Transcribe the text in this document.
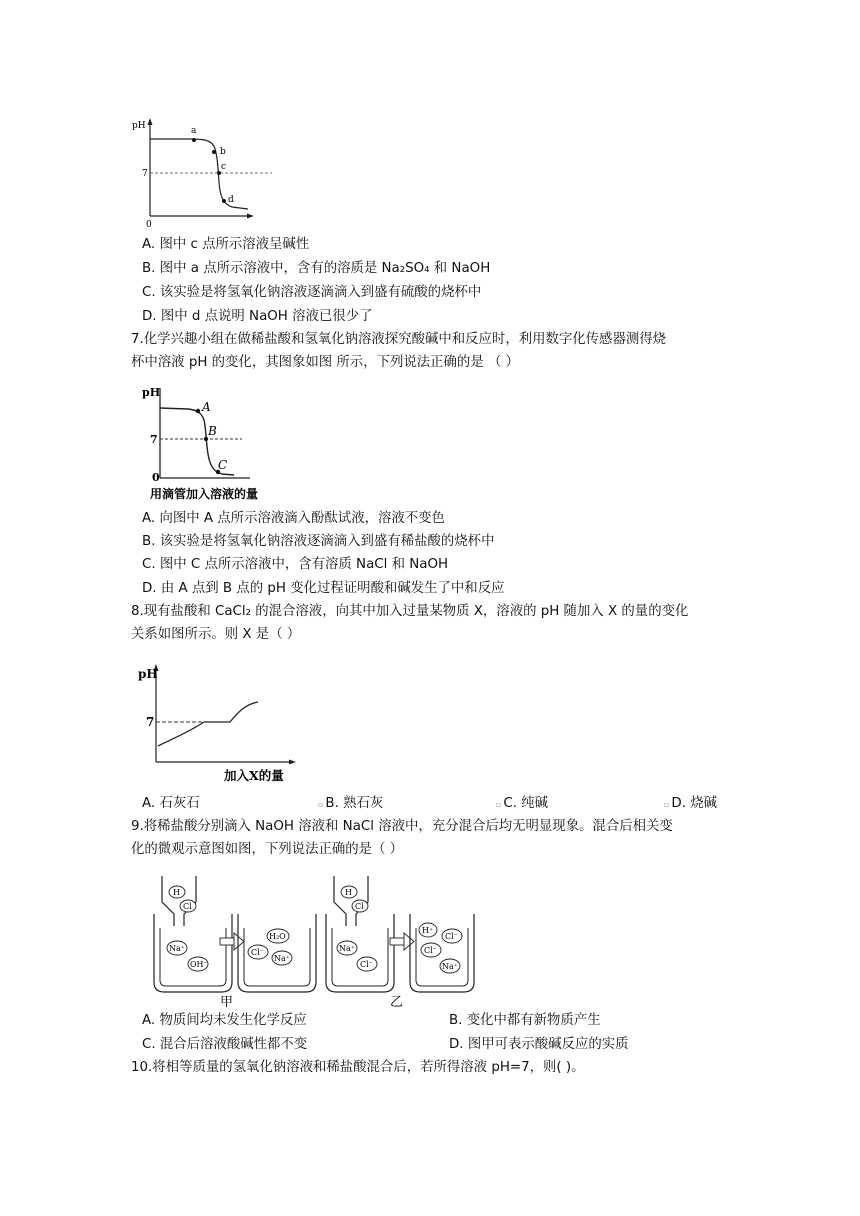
pH
7
0
a
b
c
d
A. 图中 c 点所示溶液呈碱性
B. 图中 a 点所示溶液中，含有的溶质是 Na₂SO₄ 和 NaOH
C. 该实验是将氢氧化钠溶液逐滴滴入到盛有硫酸的烧杯中
D. 图中 d 点说明 NaOH 溶液已很少了
7.化学兴趣小组在做稀盐酸和氢氧化钠溶液探究酸碱中和反应时，利用数字化传感器测得烧
杯中溶液 pH 的变化，其图象如图 所示，下列说法正确的是 （ ）
pH
7
0
A
B
C
用滴管加入溶液的量
A. 向图中 A 点所示溶液滴入酚酞试液，溶液不变色
B. 该实验是将氢氧化钠溶液逐滴滴入到盛有稀盐酸的烧杯中
C. 图中 C 点所示溶液中，含有溶质 NaCl 和 NaOH
D. 由 A 点到 B 点的 pH 变化过程证明酸和碱发生了中和反应
8.现有盐酸和 CaCl₂ 的混合溶液，向其中加入过量某物质 X，溶液的 pH 随加入 X 的量的变化
关系如图所示。则 X 是（ ）
pH
7
加入X的量
A. 石灰石	▫ B. 熟石灰	▫ C. 纯碱	▫ D. 烧碱
9.将稀盐酸分别滴入 NaOH 溶液和 NaCl 溶液中，充分混合后均无明显现象。混合后相关变
化的微观示意图如图，下列说法正确的是（ ）
H
Cl
Na⁺
OH⁻
H₂O
Cl⁻
Na⁺
H
Cl
Na⁺
Cl⁻
H⁺
Cl⁻
Cl⁻
Na⁺
甲	乙
A. 物质间均未发生化学反应	B. 变化中都有新物质产生
C. 混合后溶液酸碱性都不变	D. 图甲可表示酸碱反应的实质
10.将相等质量的氢氧化钠溶液和稀盐酸混合后，若所得溶液 pH=7，则( )。
